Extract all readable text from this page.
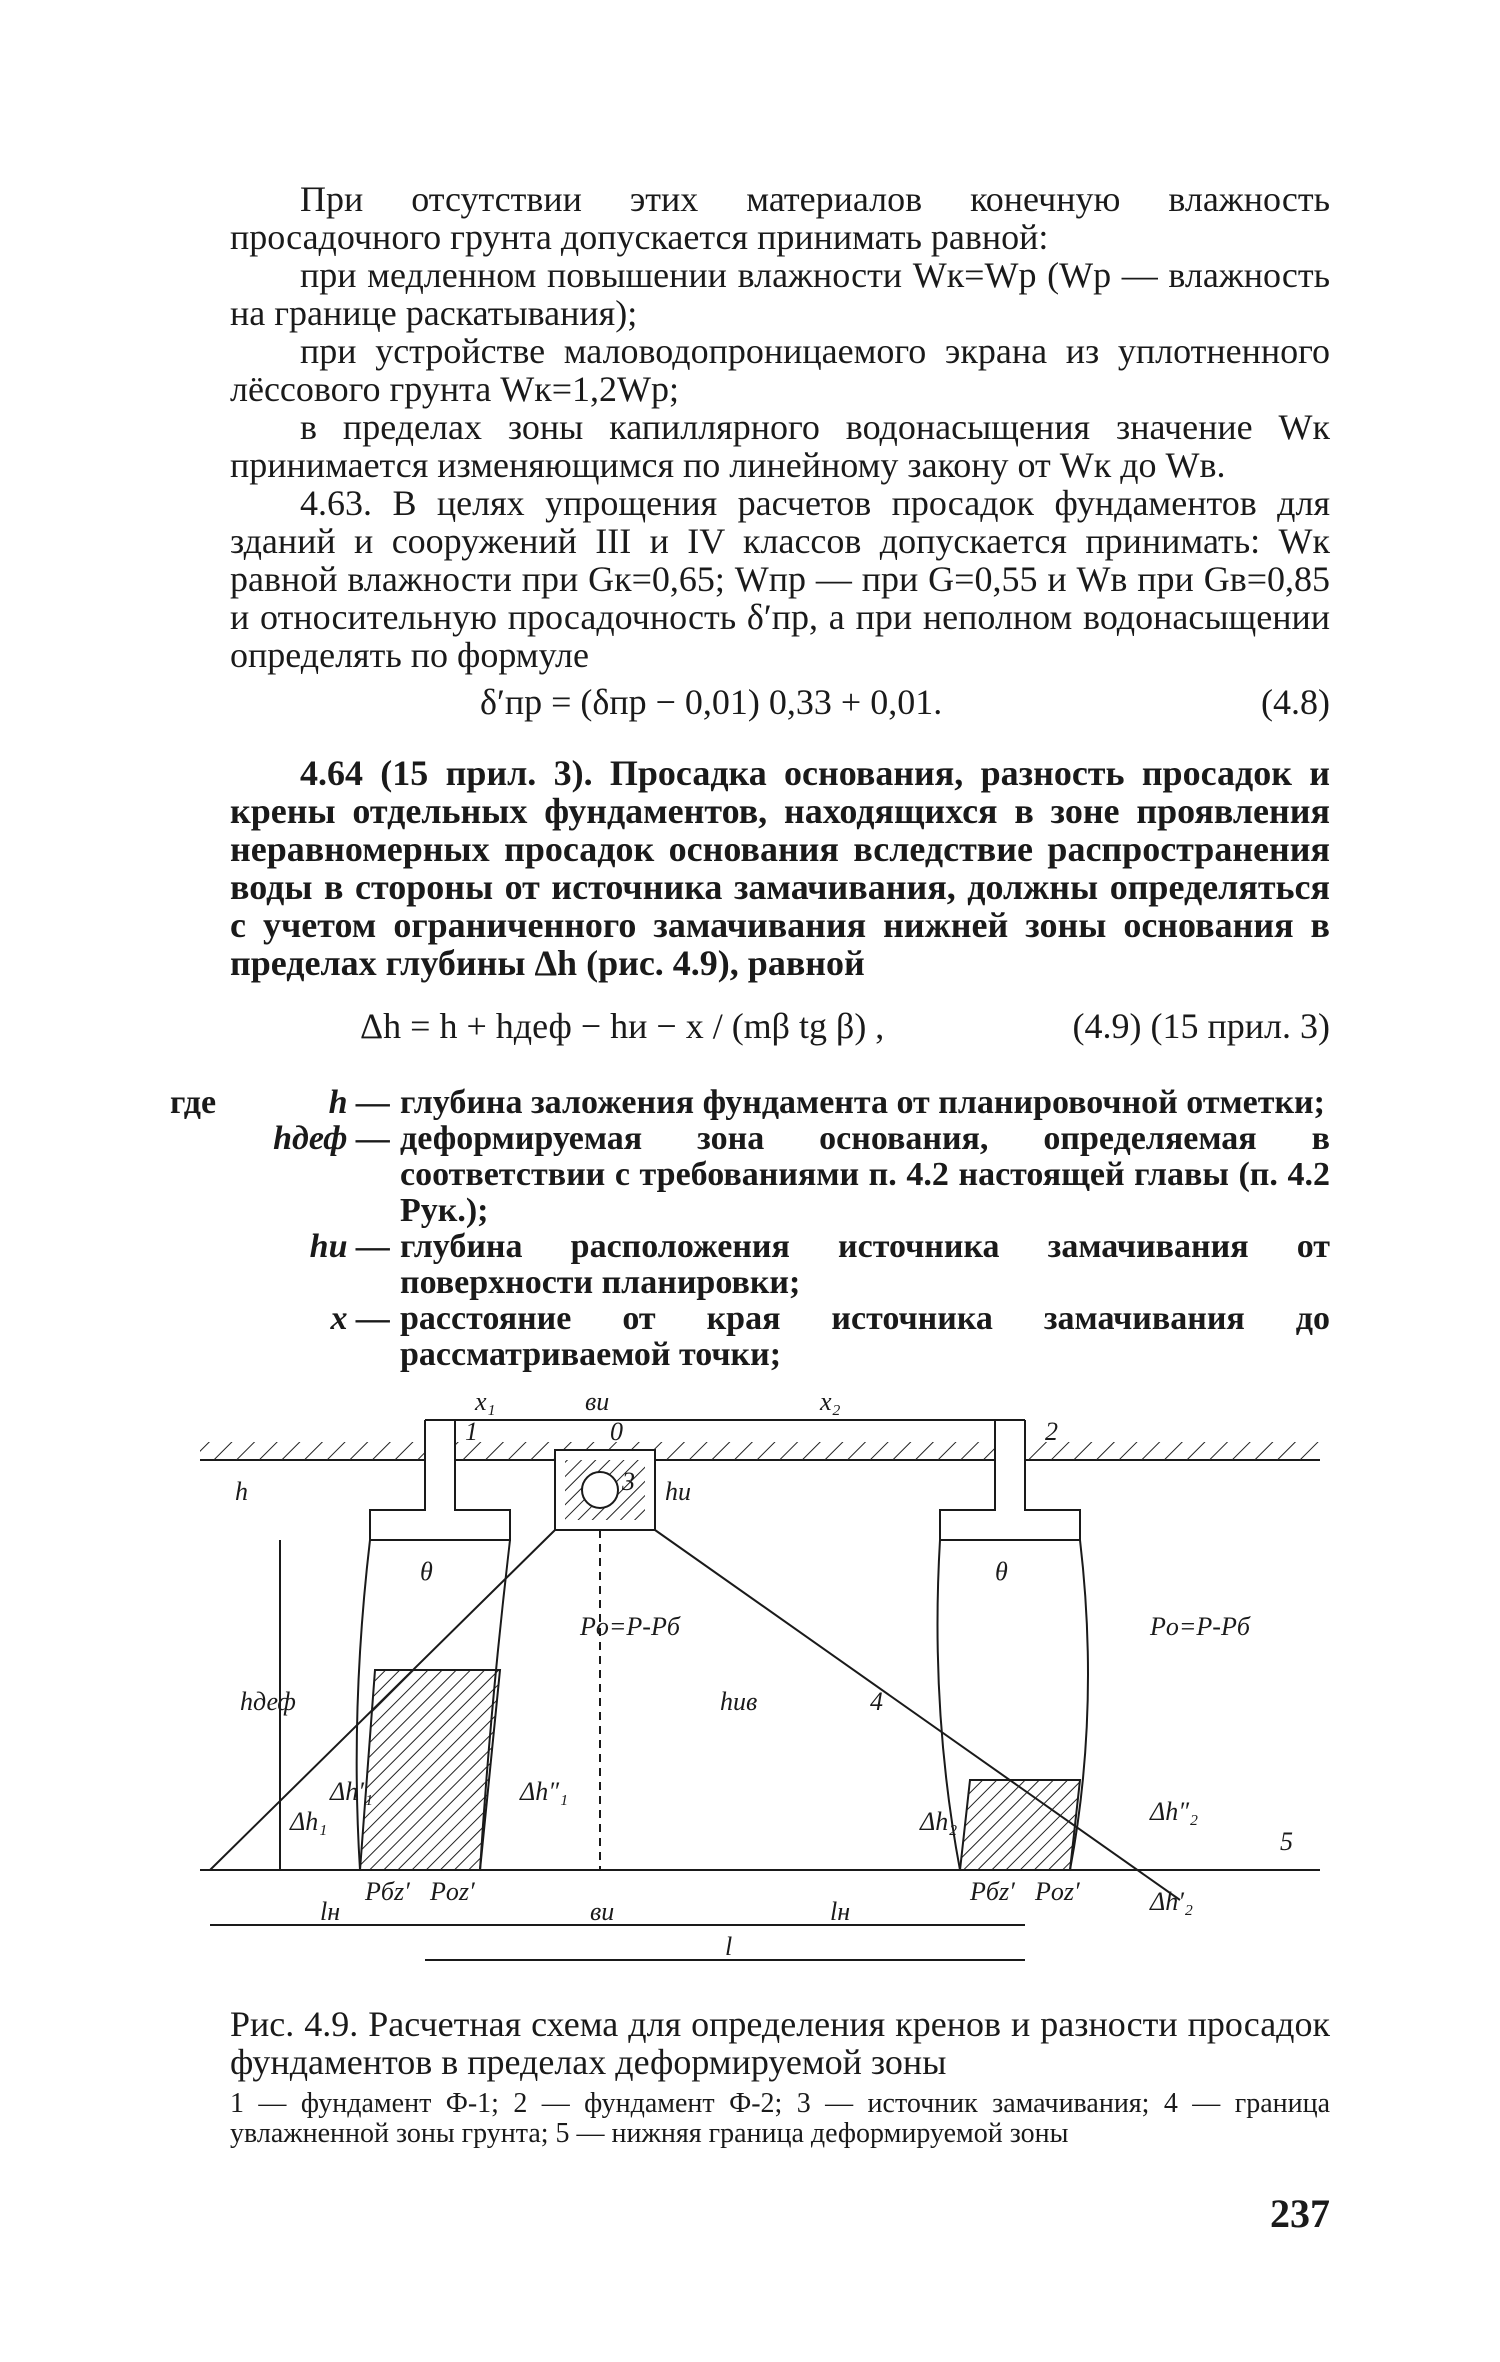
При отсутствии этих материалов конечную влажность просадочного грунта допускается принимать равной:

при медленном повышении влажности Wк=Wр (Wр — влажность на границе раскатывания);

при устройстве маловодопроницаемого экрана из уплотненного лёссового грунта Wк=1,2Wр;

в пределах зоны капиллярного водонасыщения значение Wк принимается изменяющимся по линейному закону от Wк до Wв.

4.63. В целях упрощения расчетов просадок фундаментов для зданий и сооружений III и IV классов допускается принимать: Wк равной влажности при Gк=0,65; Wпр — при G=0,55 и Wв при Gв=0,85 и относительную просадочность δ′пр, а при неполном водонасыщении определять по формуле

δ′пр = (δпр − 0,01) 0,33 + 0,01.	(4.8)

4.64 (15 прил. 3). Просадка основания, разность просадок и крены отдельных фундаментов, находящихся в зоне проявления неравномерных просадок основания вследствие распространения воды в стороны от источника замачивания, должны определяться с учетом ограниченного замачивания нижней зоны основания в пределах глубины Δh (рис. 4.9), равной

Δh = h + hдеф − hи − x / (mβ tg β) ,	(4.9) (15 прил. 3)
где	h — глубина заложения фундамента от планировочной отметки;
hдеф — деформируемая зона основания, определяемая в соответствии с требованиями п. 4.2 настоящей главы (п. 4.2 Рук.);
hи — глубина расположения источника замачивания от поверхности планировки;
x — расстояние от края источника замачивания до рассматриваемой точки;
x₁	вu	x₂
1	2
3
4
5
0
h	hu
hдеф	huв
θ	θ
Po=P-Pб	Po=P-Pб
Δh₁
Δh′₁	Δh″₁
Δh₂	Δh″₂
Δh′₂
Pбz′ Poz′	Pбz′ Poz′
lн	вu	lн
l

Рис. 4.9. Расчетная схема для определения кренов и разности просадок фундаментов в пределах деформируемой зоны

1 — фундамент Ф-1; 2 — фундамент Ф-2; 3 — источник замачивания; 4 — граница увлажненной зоны грунта; 5 — нижняя граница деформируемой зоны

237
